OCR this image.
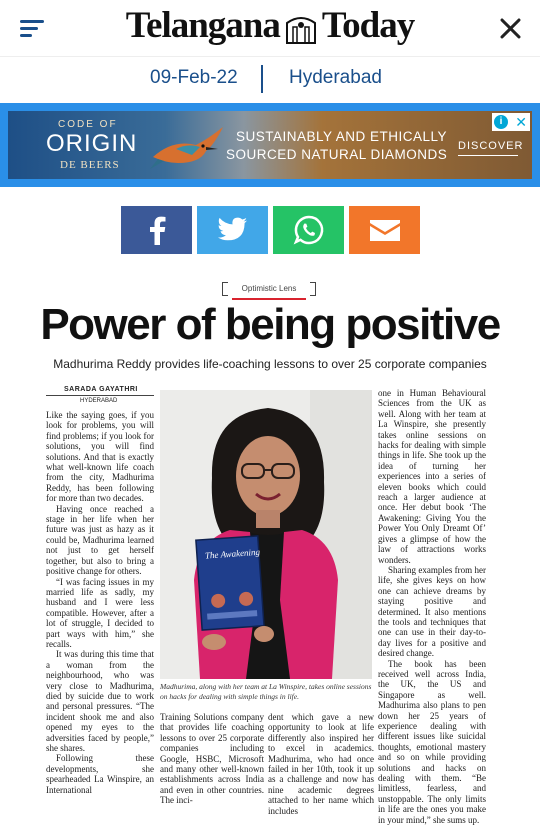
Telangana Today
09-Feb-22	Hyderabad
CODE OF
ORIGIN
DE BEERS
SUSTAINABLY AND ETHICALLY
SOURCED NATURAL DIAMONDS
DISCOVER
i ✕
Optimistic Lens
Power of being positive
Madhurima Reddy provides life-coaching lessons to over 25 corporate companies
SARADA GAYATHRI
HYDERABAD

Like the saying goes, if you look for problems, you will find problems; if you look for solutions, you will find solutions. And that is exactly what well-known life coach from the city, Madhurima Reddy, has been following for more than two decades.

Having once reached a stage in her life when her future was just as hazy as it could be, Madhurima learned not just to get herself together, but also to bring a positive change for others.

“I was facing issues in my married life as sadly, my husband and I were less compatible. However, after a lot of struggle, I decided to part ways with him,” she recalls.

It was during this time that a woman from the neighbourhood, who was very close to Madhurima, died by suicide due to work and personal pressures. “The incident shook me and also opened my eyes to the adversities faced by people,” she shares.

Following these developments, she spearheaded La Winspire, an International

The Awakening
Madhurima, along with her team at La Winspire, takes online sessions on hacks for dealing with simple things in life.
Training Solutions company that provides life coaching lessons to over 25 corporate companies including Google, HSBC, Microsoft and many other well-known establishments across India and even in other countries. The inci-
dent which gave a new opportunity to look at life differently also inspired her to excel in academics. Madhurima, who had once failed in her 10th, took it up as a challenge and now has nine academic degrees attached to her name which includes

one in Human Behavioural Sciences from the UK as well. Along with her team at La Winspire, she presently takes online sessions on hacks for dealing with simple things in life. She took up the idea of turning her experiences into a series of eleven books which could reach a larger audience at once. Her debut book ‘The Awakening: Giving You the Power You Only Dreamt Of’ gives a glimpse of how the law of attractions works wonders.

Sharing examples from her life, she gives keys on how one can achieve dreams by staying positive and determined. It also mentions the tools and techniques that one can use in their day-to-day lives for a positive and desired change.

The book has been received well across India, the UK, the US and Singapore as well. Madhurima also plans to pen down her 25 years of experience dealing with different issues like suicidal thoughts, emotional mastery and so on while providing solutions and hacks on dealing with them. “Be limitless, fearless, and unstoppable. The only limits in life are the ones you make in your mind,” she sums up.
